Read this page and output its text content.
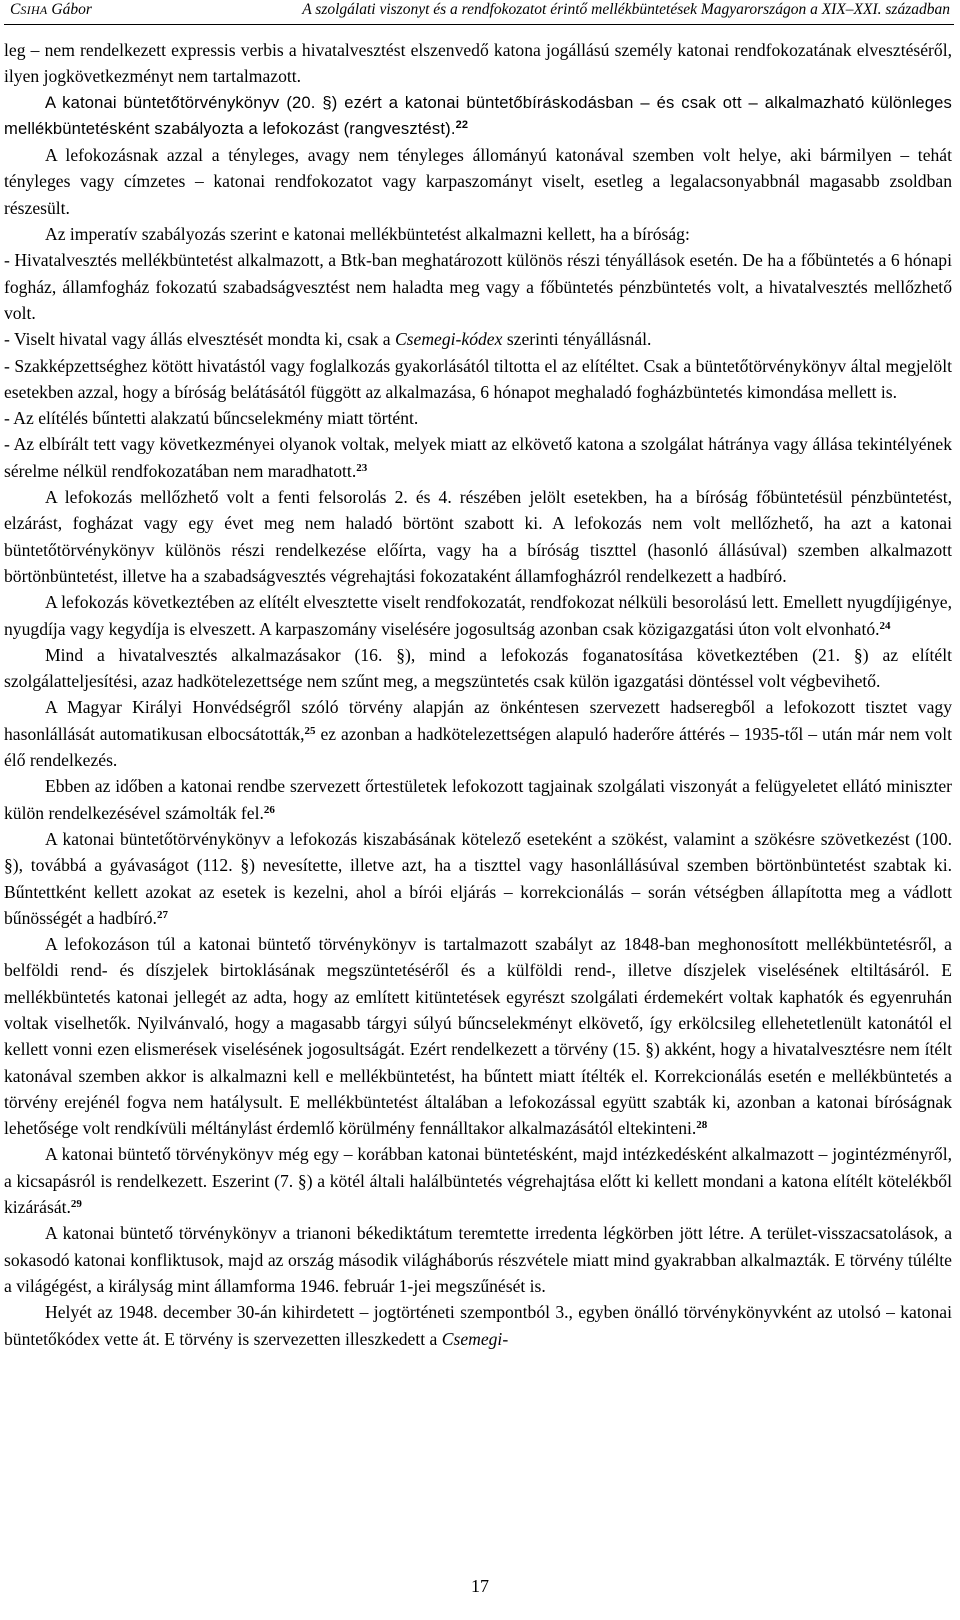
CSIHA Gábor	A szolgálati viszonyt és a rendfokozatot érintő mellékbüntetések Magyarországon a XIX–XXI. században

leg – nem rendelkezett expressis verbis a hivatalvesztést elszenvedő katona jogállású személy katonai rendfokozatának elvesztéséről, ilyen jogkövetkezményt nem tartalmazott.

A katonai büntetőtörvénykönyv (20. §) ezért a katonai büntetőbíráskodásban – és csak ott – alkalmazható különleges mellékbüntetésként szabályozta a lefokozást (rangvesztést).$^{22}$

A lefokozásnak azzal a tényleges, avagy nem tényleges állományú katonával szemben volt helye, aki bármilyen – tehát tényleges vagy címzetes – katonai rendfokozatot vagy karpaszományt viselt, esetleg a legalacsonyabbnál magasabb zsoldban részesült.

Az imperatív szabályozás szerint e katonai mellékbüntetést alkalmazni kellett, ha a bíróság:

- Hivatalvesztés mellékbüntetést alkalmazott, a Btk-ban meghatározott különös részi tényállások esetén. De ha a főbüntetés a 6 hónapi fogház, államfogház fokozatú szabadságvesztést nem haladta meg vagy a főbüntetés pénzbüntetés volt, a hivatalvesztés mellőzhető volt.

- Viselt hivatal vagy állás elvesztését mondta ki, csak a Csemegi-kódex szerinti tényállásnál.

- Szakképzettséghez kötött hivatástól vagy foglalkozás gyakorlásától tiltotta el az elítéltet. Csak a büntetőtörvénykönyv által megjelölt esetekben azzal, hogy a bíróság belátásától függött az alkalmazása, 6 hónapot meghaladó fogházbüntetés kimondása mellett is.

- Az elítélés bűntetti alakzatú bűncselekmény miatt történt.

- Az elbírált tett vagy következményei olyanok voltak, melyek miatt az elkövető katona a szolgálat hátránya vagy állása tekintélyének sérelme nélkül rendfokozatában nem maradhatott.$^{23}$

A lefokozás mellőzhető volt a fenti felsorolás 2. és 4. részében jelölt esetekben, ha a bíróság főbüntetésül pénzbüntetést, elzárást, fogházat vagy egy évet meg nem haladó börtönt szabott ki. A lefokozás nem volt mellőzhető, ha azt a katonai büntetőtörvénykönyv különös részi rendelkezése előírta, vagy ha a bíróság tiszttel (hasonló állásúval) szemben alkalmazott börtönbüntetést, illetve ha a szabadságvesztés végrehajtási fokozataként államfogházról rendelkezett a hadbíró.

A lefokozás következtében az elítélt elvesztette viselt rendfokozatát, rendfokozat nélküli besorolású lett. Emellett nyugdíjigénye, nyugdíja vagy kegydíja is elveszett. A karpaszomány viselésére jogosultság azonban csak közigazgatási úton volt elvonható.$^{24}$

Mind a hivatalvesztés alkalmazásakor (16. §), mind a lefokozás foganatosítása következtében (21. §) az elítélt szolgálatteljesítési, azaz hadkötelezettsége nem szűnt meg, a megszüntetés csak külön igazgatási döntéssel volt végbevihető.

A Magyar Királyi Honvédségről szóló törvény alapján az önkéntesen szervezett hadseregből a lefokozott tisztet vagy hasonlállását automatikusan elbocsátották,$^{25}$ ez azonban a hadkötelezettségen alapuló haderőre áttérés – 1935-től – után már nem volt élő rendelkezés.

Ebben az időben a katonai rendbe szervezett őrtestületek lefokozott tagjainak szolgálati viszonyát a felügyeletet ellátó miniszter külön rendelkezésével számolták fel.$^{26}$

A katonai büntetőtörvénykönyv a lefokozás kiszabásának kötelező eseteként a szökést, valamint a szökésre szövetkezést (100. §), továbbá a gyávaságot (112. §) nevesítette, illetve azt, ha a tiszttel vagy hasonlállásúval szemben börtönbüntetést szabtak ki. Bűntettként kellett azokat az esetek is kezelni, ahol a bírói eljárás – korrekcionálás – során vétségben állapította meg a vádlott bűnösségét a hadbíró.$^{27}$

A lefokozáson túl a katonai büntető törvénykönyv is tartalmazott szabályt az 1848-ban meghonosított mellékbüntetésről, a belföldi rend- és díszjelek birtoklásának megszüntetéséről és a külföldi rend-, illetve díszjelek viselésének eltiltásáról. E mellékbüntetés katonai jellegét az adta, hogy az említett kitüntetések egyrészt szolgálati érdemekért voltak kaphatók és egyenruhán voltak viselhetők. Nyilvánvaló, hogy a magasabb tárgyi súlyú bűncselekményt elkövető, így erkölcsileg ellehetetlenült katonától el kellett vonni ezen elismerések viselésének jogosultságát. Ezért rendelkezett a törvény (15. §) akként, hogy a hivatalvesztésre nem ítélt katonával szemben akkor is alkalmazni kell e mellékbüntetést, ha bűntett miatt ítélték el. Korrekcionálás esetén e mellékbüntetés a törvény erejénél fogva nem hatálysult. E mellékbüntetést általában a lefokozással együtt szabták ki, azonban a katonai bíróságnak lehetősége volt rendkívüli méltánylást érdemlő körülmény fennálltakor alkalmazásától eltekinteni.$^{28}$

A katonai büntető törvénykönyv még egy – korábban katonai büntetésként, majd intézkedésként alkalmazott – jogintézményről, a kicsapásról is rendelkezett. Eszerint (7. §) a kötél általi halálbüntetés végrehajtása előtt ki kellett mondani a katona elítélt kötelékből kizárását.$^{29}$

A katonai büntető törvénykönyv a trianoni békediktátum teremtette irredenta légkörben jött létre. A terület-visszacsatolások, a sokasodó katonai konfliktusok, majd az ország második világháborús részvétele miatt mind gyakrabban alkalmazták. E törvény túlélte a világégést, a királyság mint államforma 1946. február 1-jei megszűnését is.

Helyét az 1948. december 30-án kihirdetett – jogtörténeti szempontból 3., egyben önálló törvénykönyvként az utolsó – katonai büntetőkódex vette át. E törvény is szervezetten illeszkedett a Csemegi-

17
